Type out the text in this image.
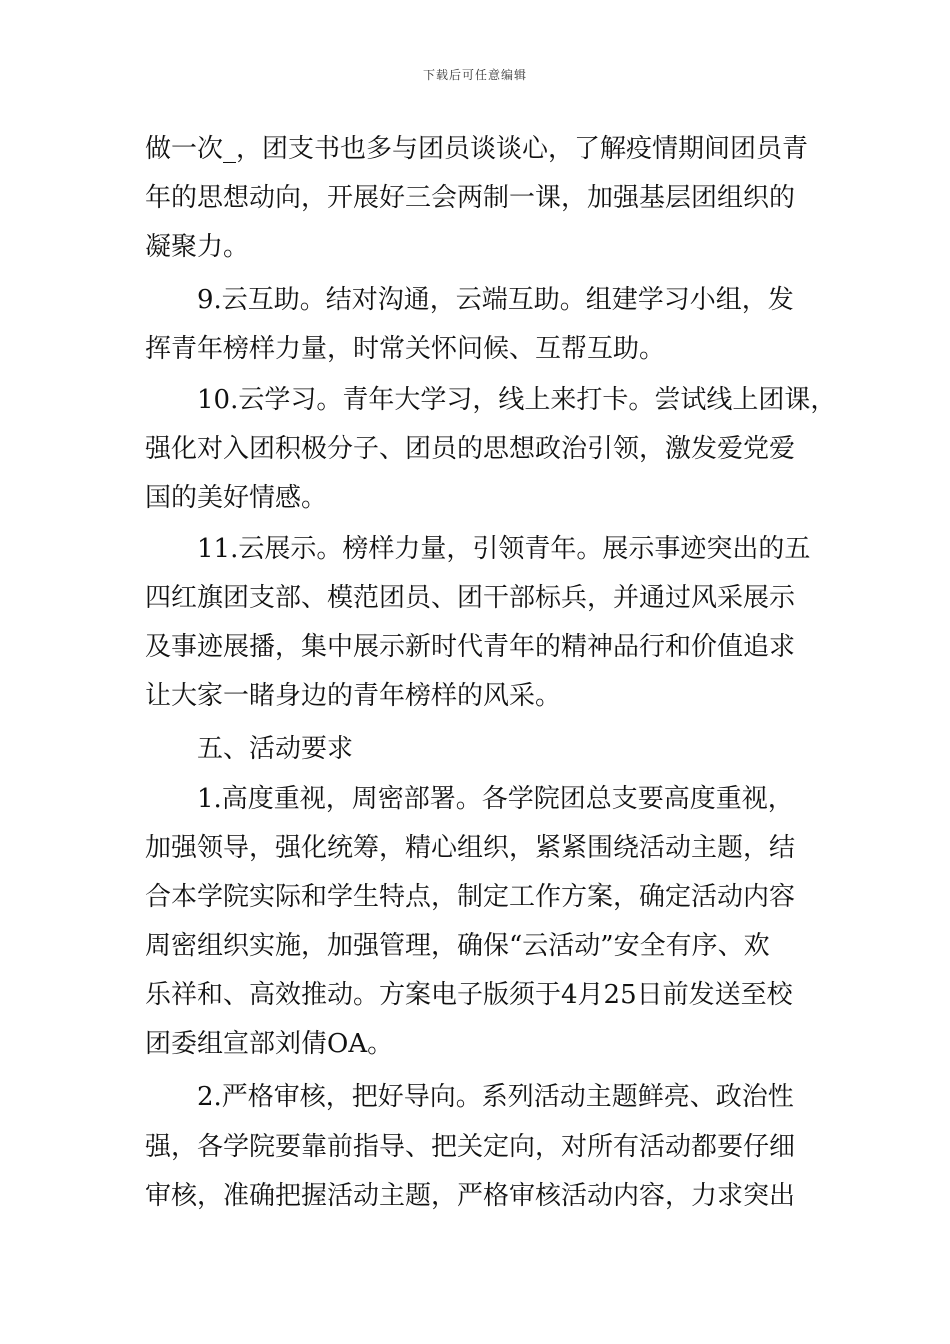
下载后可任意编辑
做一次_，团支书也多与团员谈谈心，了解疫情期间团员青
年的思想动向，开展好三会两制一课，加强基层团组织的
凝聚力。
　　9.云互助。结对沟通，云端互助。组建学习小组，发
挥青年榜样力量，时常关怀问候、互帮互助。
　　10.云学习。青年大学习，线上来打卡。尝试线上团课，
强化对入团积极分子、团员的思想政治引领，激发爱党爱
国的美好情感。
　　11.云展示。榜样力量，引领青年。展示事迹突出的五
四红旗团支部、模范团员、团干部标兵，并通过风采展示
及事迹展播，集中展示新时代青年的精神品行和价值追求
让大家一睹身边的青年榜样的风采。
　　五、活动要求
　　1.高度重视，周密部署。各学院团总支要高度重视，
加强领导，强化统筹，精心组织，紧紧围绕活动主题，结
合本学院实际和学生特点，制定工作方案，确定活动内容
周密组织实施，加强管理，确保“云活动”安全有序、欢
乐祥和、高效推动。方案电子版须于4月25日前发送至校
团委组宣部刘倩OA。
　　2.严格审核，把好导向。系列活动主题鲜亮、政治性
强，各学院要靠前指导、把关定向，对所有活动都要仔细
审核，准确把握活动主题，严格审核活动内容，力求突出
